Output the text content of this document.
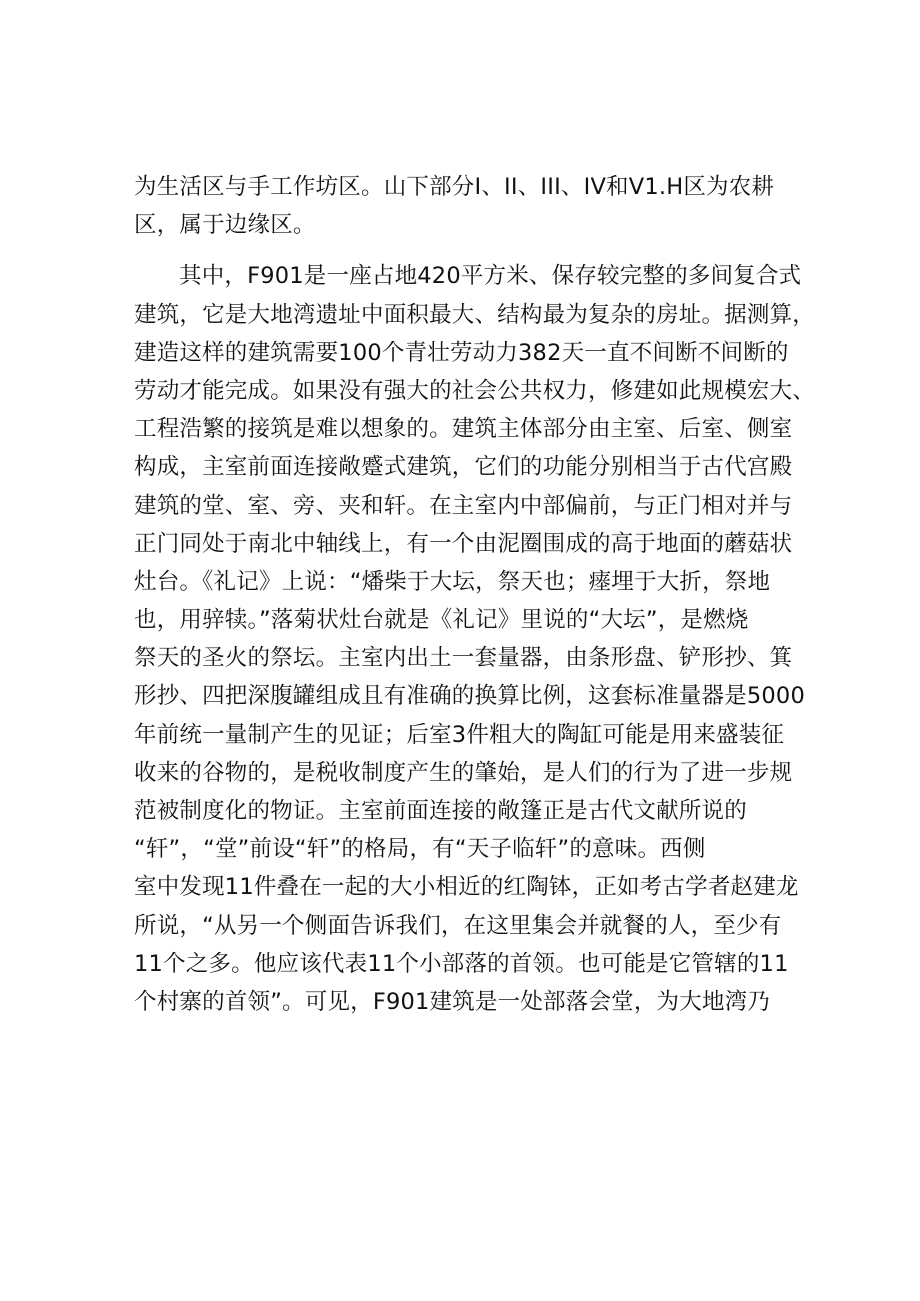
为生活区与手工作坊区。山下部分I、II、III、IV和V1.H区为农耕
区，属于边缘区。
其中，F901是一座占地420平方米、保存较完整的多间复合式
建筑，它是大地湾遗址中面积最大、结构最为复杂的房址。据测算，
建造这样的建筑需要100个青壮劳动力382天一直不间断不间断的
劳动才能完成。如果没有强大的社会公共权力，修建如此规模宏大、
工程浩繁的接筑是难以想象的。建筑主体部分由主室、后室、侧室
构成，主室前面连接敞蹙式建筑，它们的功能分别相当于古代宫殿
建筑的堂、室、旁、夹和轩。在主室内中部偏前，与正门相对并与
正门同处于南北中轴线上，有一个由泥圈围成的高于地面的蘑菇状
灶台。《礼记》上说：“燔柴于大坛，祭天也；瘗埋于大折，祭地
也，用骍犊。”落菊状灶台就是《礼记》里说的“大坛”，是燃烧
祭天的圣火的祭坛。主室内出土一套量器，由条形盘、铲形抄、箕
形抄、四把深腹罐组成且有准确的换算比例，这套标准量器是5000
年前统一量制产生的见证；后室3件粗大的陶缸可能是用来盛装征
收来的谷物的，是税收制度产生的肇始，是人们的行为了进一步规
范被制度化的物证。主室前面连接的敞篷正是古代文献所说的
“轩”，“堂”前设“轩”的格局，有“天子临轩”的意味。西侧
室中发现11件叠在一起的大小相近的红陶钵，正如考古学者赵建龙
所说，“从另一个侧面告诉我们，在这里集会并就餐的人，至少有
11个之多。他应该代表11个小部落的首领。也可能是它管辖的11
个村寨的首领”。可见，F901建筑是一处部落会堂，为大地湾乃
